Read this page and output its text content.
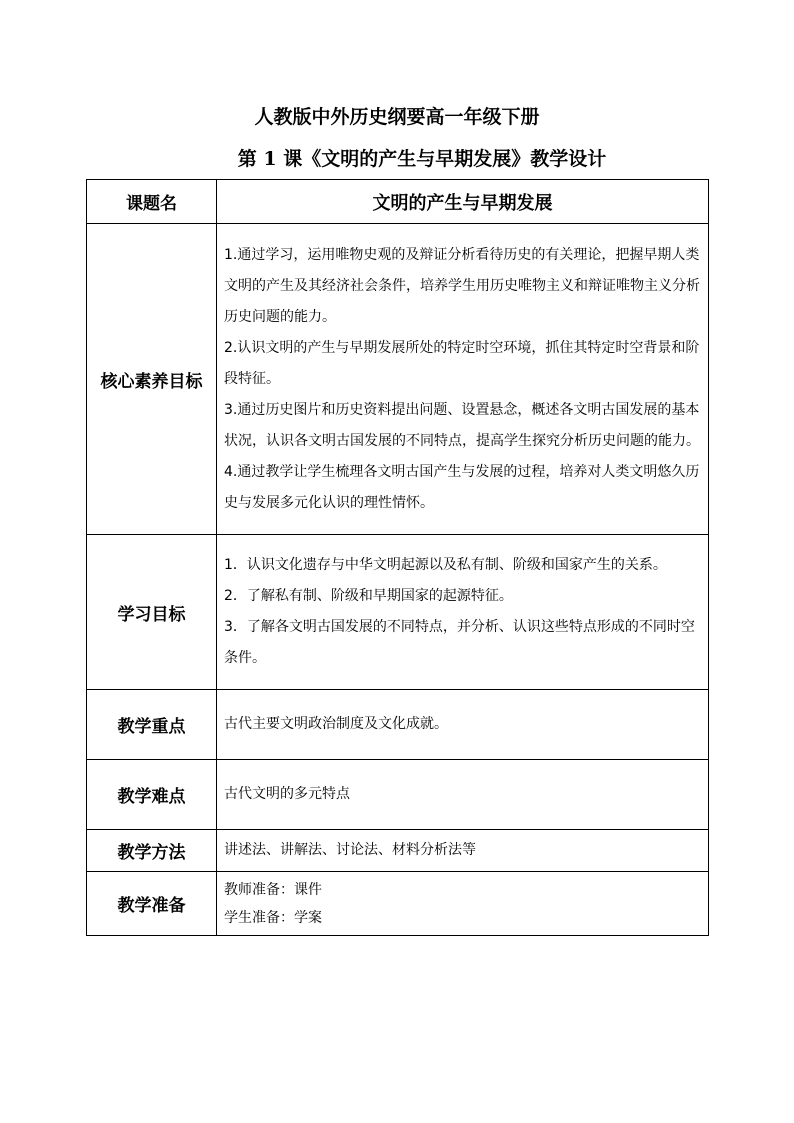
人教版中外历史纲要高一年级下册
第 1 课《文明的产生与早期发展》教学设计
课题名	文明的产生与早期发展
核心素养目标	1.通过学习，运用唯物史观的及辩证分析看待历史的有关理论，把握早期人类文明的产生及其经济社会条件，培养学生用历史唯物主义和辩证唯物主义分析历史问题的能力。

2.认识文明的产生与早期发展所处的特定时空环境，抓住其特定时空背景和阶段特征。

3.通过历史图片和历史资料提出问题、设置悬念，概述各文明古国发展的基本状况，认识各文明古国发展的不同特点，提高学生探究分析历史问题的能力。

4.通过教学让学生梳理各文明古国产生与发展的过程，培养对人类文明悠久历史与发展多元化认识的理性情怀。

学习目标	1．认识文化遗存与中华文明起源以及私有制、阶级和国家产生的关系。

2．了解私有制、阶级和早期国家的起源特征。

3．了解各文明古国发展的不同特点，并分析、认识这些特点形成的不同时空条件。

教学重点	古代主要文明政治制度及文化成就。
教学难点	古代文明的多元特点
教学方法	讲述法、讲解法、讨论法、材料分析法等
教学准备	教师准备：课件

学生准备：学案
